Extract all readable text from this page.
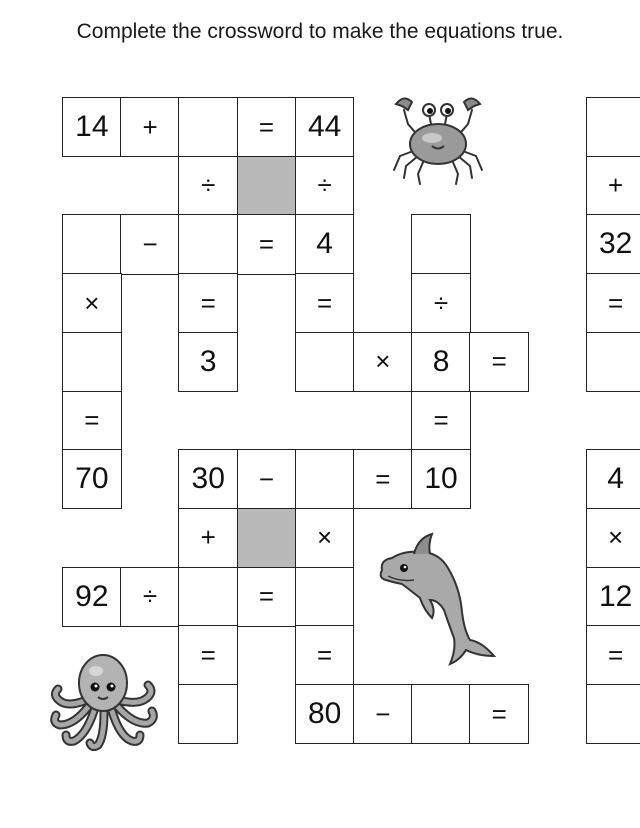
Complete the crossword to make the equations true.
14	+	=	44
÷	÷	+
−	=	4	32
×	=	=	÷	=
3	×	8	=
=	=
70	30	−	=	10	4
+	×	×
92	÷	=	12
=	=	=
80	−	=
